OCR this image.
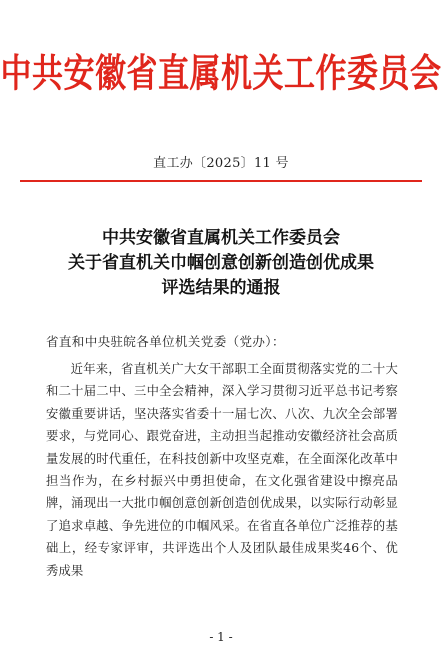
中共安徽省直属机关工作委员会
直工办〔2025〕11 号
中共安徽省直属机关工作委员会
关于省直机关巾帼创意创新创造创优成果
评选结果的通报
省直和中央驻皖各单位机关党委（党办）：

近年来，省直机关广大女干部职工全面贯彻落实党的二十大和二十届二中、三中全会精神，深入学习贯彻习近平总书记考察安徽重要讲话，坚决落实省委十一届七次、八次、九次全会部署要求，与党同心、跟党奋进，主动担当起推动安徽经济社会高质量发展的时代重任，在科技创新中攻坚克难，在全面深化改革中担当作为，在乡村振兴中勇担使命，在文化强省建设中擦亮品牌，涌现出一大批巾帼创意创新创造创优成果，以实际行动彰显了追求卓越、争先进位的巾帼风采。在省直各单位广泛推荐的基础上，经专家评审，共评选出个人及团队最佳成果奖46个、优秀成果

- 1 -
